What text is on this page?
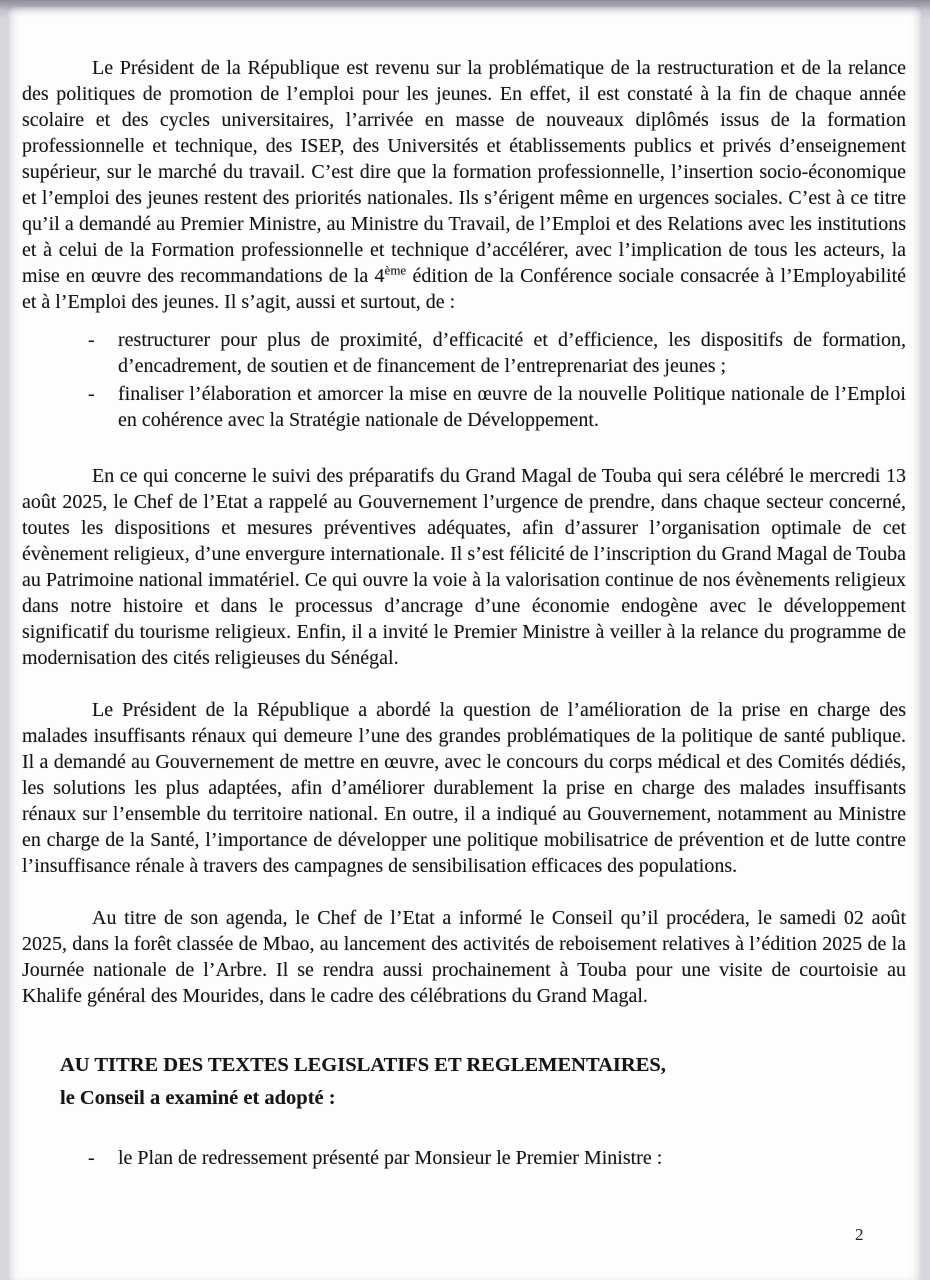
Le Président de la République est revenu sur la problématique de la restructuration et de la relance des politiques de promotion de l’emploi pour les jeunes. En effet, il est constaté à la fin de chaque année scolaire et des cycles universitaires, l’arrivée en masse de nouveaux diplômés issus de la formation professionnelle et technique, des ISEP, des Universités et établissements publics et privés d’enseignement supérieur, sur le marché du travail. C’est dire que la formation professionnelle, l’insertion socio-économique et l’emploi des jeunes restent des priorités nationales. Ils s’érigent même en urgences sociales. C’est à ce titre qu’il a demandé au Premier Ministre, au Ministre du Travail, de l’Emploi et des Relations avec les institutions et à celui de la Formation professionnelle et technique d’accélérer, avec l’implication de tous les acteurs, la mise en œuvre des recommandations de la 4ème édition de la Conférence sociale consacrée à l’Employabilité et à l’Emploi des jeunes. Il s’agit, aussi et surtout, de :

- restructurer pour plus de proximité, d’efficacité et d’efficience, les dispositifs de formation, d’encadrement, de soutien et de financement de l’entreprenariat des jeunes ;
- finaliser l’élaboration et amorcer la mise en œuvre de la nouvelle Politique nationale de l’Emploi en cohérence avec la Stratégie nationale de Développement.

En ce qui concerne le suivi des préparatifs du Grand Magal de Touba qui sera célébré le mercredi 13 août 2025, le Chef de l’Etat a rappelé au Gouvernement l’urgence de prendre, dans chaque secteur concerné, toutes les dispositions et mesures préventives adéquates, afin d’assurer l’organisation optimale de cet évènement religieux, d’une envergure internationale. Il s’est félicité de l’inscription du Grand Magal de Touba au Patrimoine national immatériel. Ce qui ouvre la voie à la valorisation continue de nos évènements religieux dans notre histoire et dans le processus d’ancrage d’une économie endogène avec le développement significatif du tourisme religieux. Enfin, il a invité le Premier Ministre à veiller à la relance du programme de modernisation des cités religieuses du Sénégal.

Le Président de la République a abordé la question de l’amélioration de la prise en charge des malades insuffisants rénaux qui demeure l’une des grandes problématiques de la politique de santé publique. Il a demandé au Gouvernement de mettre en œuvre, avec le concours du corps médical et des Comités dédiés, les solutions les plus adaptées, afin d’améliorer durablement la prise en charge des malades insuffisants rénaux sur l’ensemble du territoire national. En outre, il a indiqué au Gouvernement, notamment au Ministre en charge de la Santé, l’importance de développer une politique mobilisatrice de prévention et de lutte contre l’insuffisance rénale à travers des campagnes de sensibilisation efficaces des populations.

Au titre de son agenda, le Chef de l’Etat a informé le Conseil qu’il procédera, le samedi 02 août 2025, dans la forêt classée de Mbao, au lancement des activités de reboisement relatives à l’édition 2025 de la Journée nationale de l’Arbre. Il se rendra aussi prochainement à Touba pour une visite de courtoisie au Khalife général des Mourides, dans le cadre des célébrations du Grand Magal.

AU TITRE DES TEXTES LEGISLATIFS ET REGLEMENTAIRES,
le Conseil a examiné et adopté :
- le Plan de redressement présenté par Monsieur le Premier Ministre :
2
